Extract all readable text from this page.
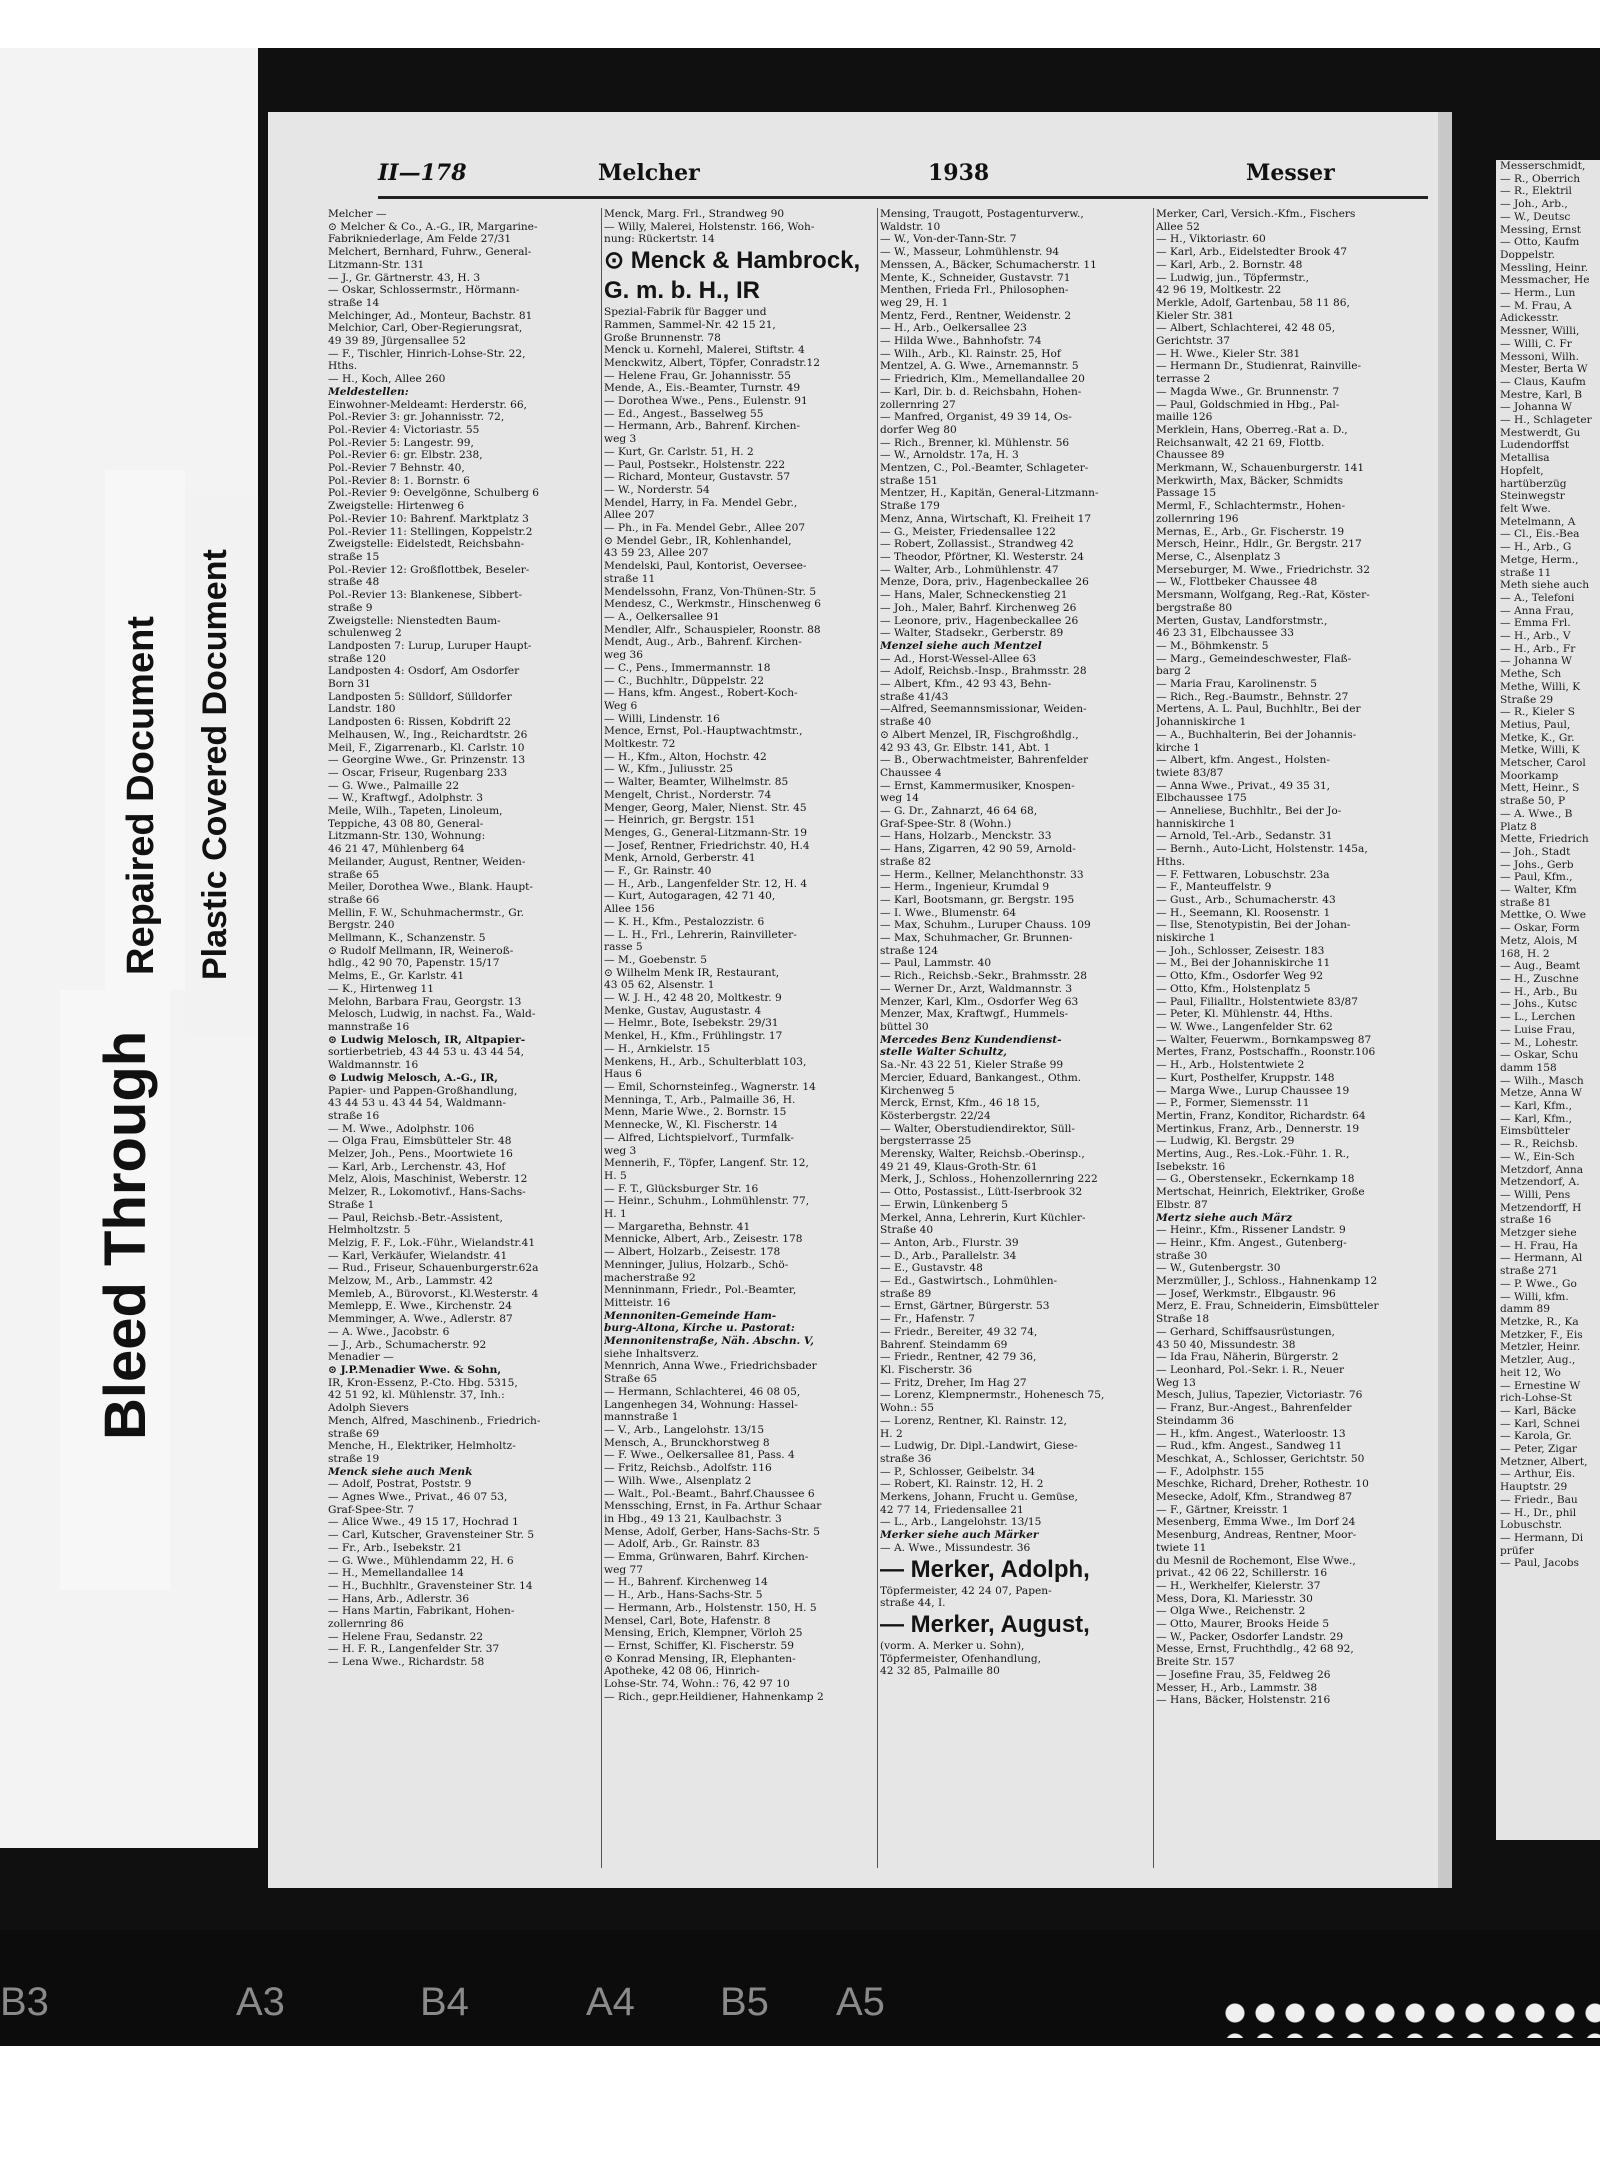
Repaired Document Plastic Covered Document
Bleed Through
II—178	Melcher	1938	Messer
Melcher —
⊙ Melcher & Co., A.-G., IR, Margarine-
Fabrikniederlage, Am Felde 27/31
Melchert, Bernhard, Fuhrw., General-
Litzmann-Str. 131
— J., Gr. Gärtnerstr. 43, H. 3
— Oskar, Schlossermstr., Hörmann-
straße 14
Melchinger, Ad., Monteur, Bachstr. 81
Melchior, Carl, Ober-Regierungsrat,
49 39 89, Jürgensallee 52
— F., Tischler, Hinrich-Lohse-Str. 22,
Hths.
— H., Koch, Allee 260
Meldestellen:
Einwohner-Meldeamt: Herderstr. 66,
Pol.-Revier 3: gr. Johannisstr. 72,
Pol.-Revier 4: Victoriastr. 55
Pol.-Revier 5: Langestr. 99,
Pol.-Revier 6: gr. Elbstr. 238,
Pol.-Revier 7 Behnstr. 40,
Pol.-Revier 8: 1. Bornstr. 6
Pol.-Revier 9: Oevelgönne, Schulberg 6
Zweigstelle: Hirtenweg 6
Pol.-Revier 10: Bahrenf. Marktplatz 3
Pol.-Revier 11: Stellingen, Koppelstr.2
Zweigstelle: Eidelstedt, Reichsbahn-
straße 15
Pol.-Revier 12: Großflottbek, Beseler-
straße 48
Pol.-Revier 13: Blankenese, Sibbert-
straße 9
Zweigstelle: Nienstedten Baum-
schulenweg 2
Landposten 7: Lurup, Luruper Haupt-
straße 120
Landposten 4: Osdorf, Am Osdorfer
Born 31
Landposten 5: Sülldorf, Sülldorfer
Landstr. 180
Landposten 6: Rissen, Kobdrift 22
Melhausen, W., Ing., Reichardtstr. 26
Meil, F., Zigarrenarb., Kl. Carlstr. 10
— Georgine Wwe., Gr. Prinzenstr. 13
— Oscar, Friseur, Rugenbarg 233
— G. Wwe., Palmaille 22
— W., Kraftwgf., Adolphstr. 3
Meile, Wilh., Tapeten, Linoleum,
Teppiche, 43 08 80, General-
Litzmann-Str. 130, Wohnung:
46 21 47, Mühlenberg 64
Meilander, August, Rentner, Weiden-
straße 65
Meiler, Dorothea Wwe., Blank. Haupt-
straße 66
Mellin, F. W., Schuhmachermstr., Gr.
Bergstr. 240
Mellmann, K., Schanzenstr. 5
⊙ Rudolf Mellmann, IR, Weineroß-
hdlg., 42 90 70, Papenstr. 15/17
Melms, E., Gr. Karlstr. 41
— K., Hirtenweg 11
Melohn, Barbara Frau, Georgstr. 13
Melosch, Ludwig, in nachst. Fa., Wald-
mannstraße 16
⊙ Ludwig Melosch, IR, Altpapier-
sortierbetrieb, 43 44 53 u. 43 44 54,
Waldmannstr. 16
⊙ Ludwig Melosch, A.-G., IR,
Papier- und Pappen-Großhandlung,
43 44 53 u. 43 44 54, Waldmann-
straße 16
— M. Wwe., Adolphstr. 106
— Olga Frau, Eimsbütteler Str. 48
Melzer, Joh., Pens., Moortwiete 16
— Karl, Arb., Lerchenstr. 43, Hof
Melz, Alois, Maschinist, Weberstr. 12
Melzer, R., Lokomotivf., Hans-Sachs-
Straße 1
— Paul, Reichsb.-Betr.-Assistent,
Helmholtzstr. 5
Melzig, F. F., Lok.-Führ., Wielandstr.41
— Karl, Verkäufer, Wielandstr. 41
— Rud., Friseur, Schauenburgerstr.62a
Melzow, M., Arb., Lammstr. 42
Memleb, A., Bürovorst., Kl.Westerstr. 4
Memlepp, E. Wwe., Kirchenstr. 24
Memminger, A. Wwe., Adlerstr. 87
— A. Wwe., Jacobstr. 6
— J., Arb., Schumacherstr. 92
Menadier —
⊙ J.P.Menadier Wwe. & Sohn,
IR, Kron-Essenz, P.-Cto. Hbg. 5315,
42 51 92, kl. Mühlenstr. 37, Inh.:
Adolph Sievers
Mench, Alfred, Maschinenb., Friedrich-
straße 69
Menche, H., Elektriker, Helmholtz-
straße 19
Menck siehe auch Menk
— Adolf, Postrat, Poststr. 9
— Agnes Wwe., Privat., 46 07 53,
Graf-Spee-Str. 7
— Alice Wwe., 49 15 17, Hochrad 1
— Carl, Kutscher, Gravensteiner Str. 5
— Fr., Arb., Isebekstr. 21
— G. Wwe., Mühlendamm 22, H. 6
— H., Memellandallee 14
— H., Buchhltr., Gravensteiner Str. 14
— Hans, Arb., Adlerstr. 36
— Hans Martin, Fabrikant, Hohen-
zollernring 86
— Helene Frau, Sedanstr. 22
— H. F. R., Langenfelder Str. 37
— Lena Wwe., Richardstr. 58
Menck, Marg. Frl., Strandweg 90
— Willy, Malerei, Holstenstr. 166, Woh-
nung: Rückertstr. 14
⊙ Menck & Hambrock,
G. m. b. H., IR
Spezial-Fabrik für Bagger und
Rammen, Sammel-Nr. 42 15 21,
Große Brunnenstr. 78
Menck u. Kornehl, Malerei, Stiftstr. 4
Menckwitz, Albert, Töpfer, Conradstr.12
— Helene Frau, Gr. Johannisstr. 55
Mende, A., Eis.-Beamter, Turnstr. 49
— Dorothea Wwe., Pens., Eulenstr. 91
— Ed., Angest., Basselweg 55
— Hermann, Arb., Bahrenf. Kirchen-
weg 3
— Kurt, Gr. Carlstr. 51, H. 2
— Paul, Postsekr., Holstenstr. 222
— Richard, Monteur, Gustavstr. 57
— W., Norderstr. 54
Mendel, Harry, in Fa. Mendel Gebr.,
Allee 207
— Ph., in Fa. Mendel Gebr., Allee 207
⊙ Mendel Gebr., IR, Kohlenhandel,
43 59 23, Allee 207
Mendelski, Paul, Kontorist, Oeverseе-
straße 11
Mendelssohn, Franz, Von-Thünen-Str. 5
Mendesz, C., Werkmstr., Hinschenweg 6
— A., Oelkersallee 91
Mendler, Alfr., Schauspieler, Roonstr. 88
Mendt, Aug., Arb., Bahrenf. Kirchen-
weg 36
— C., Pens., Immermannstr. 18
— C., Buchhltr., Düppelstr. 22
— Hans, kfm. Angest., Robert-Koch-
Weg 6
— Willi, Lindenstr. 16
Mence, Ernst, Pol.-Hauptwachtmstr.,
Moltkestr. 72
— H., Kfm., Alton, Hochstr. 42
— W., Kfm., Juliusstr. 25
— Walter, Beamter, Wilhelmstr. 85
Mengelt, Christ., Norderstr. 74
Menger, Georg, Maler, Nienst. Str. 45
— Heinrich, gr. Bergstr. 151
Menges, G., General-Litzmann-Str. 19
— Josef, Rentner, Friedrichstr. 40, H.4
Menk, Arnold, Gerberstr. 41
— F., Gr. Rainstr. 40
— H., Arb., Langenfelder Str. 12, H. 4
— Kurt, Autogaragen, 42 71 40,
Allee 156
— K. H., Kfm., Pestalozzistr. 6
— L. H., Frl., Lehrerin, Rainvilleter-
rasse 5
— M., Goebenstr. 5
⊙ Wilhelm Menk IR, Restaurant,
43 05 62, Alsenstr. 1
— W. J. H., 42 48 20, Moltkestr. 9
Menke, Gustav, Augustastr. 4
— Helmr., Bote, Isebekstr. 29/31
Menkel, H., Kfm., Frühlingstr. 17
— H., Arnkielstr. 15
Menkens, H., Arb., Schulterblatt 103,
Haus 6
— Emil, Schornsteinfeg., Wagnerstr. 14
Menninga, T., Arb., Palmaille 36, H.
Menn, Marie Wwe., 2. Bornstr. 15
Mennecke, W., Kl. Fischerstr. 14
— Alfred, Lichtspielvorf., Turmfalk-
weg 3
Mennerih, F., Töpfer, Langenf. Str. 12,
H. 5
— F. T., Glücksburger Str. 16
— Heinr., Schuhm., Lohmühlenstr. 77,
H. 1
— Margaretha, Behnstr. 41
Mennicke, Albert, Arb., Zeisestr. 178
— Albert, Holzarb., Zeisestr. 178
Menninger, Julius, Holzarb., Schö-
macherstraße 92
Menninmann, Friedr., Pol.-Beamter,
Mitteistr. 16
Mennoniten-Gemeinde Ham-
burg-Altona, Kirche u. Pastorat:
Mennonitenstraße, Näh. Abschn. V,
siehe Inhaltsverz.
Mennrich, Anna Wwe., Friedrichsbader
Straße 65
— Hermann, Schlachterei, 46 08 05,
Langenhegen 34, Wohnung: Hassel-
mannstraße 1
— V., Arb., Langelohstr. 13/15
Mensch, A., Brunckhorstweg 8
— F. Wwe., Oelkersallee 81, Pass. 4
— Fritz, Reichsb., Adolfstr. 116
— Wilh. Wwe., Alsenplatz 2
— Walt., Pol.-Beamt., Bahrf.Chaussee 6
Menssching, Ernst, in Fa. Arthur Schaar
in Hbg., 49 13 21, Kaulbachstr. 3
Mense, Adolf, Gerber, Hans-Sachs-Str. 5
— Adolf, Arb., Gr. Rainstr. 83
— Emma, Grünwaren, Bahrf. Kirchen-
weg 77
— H., Bahrenf. Kirchenweg 14
— H., Arb., Hans-Sachs-Str. 5
— Hermann, Arb., Holstenstr. 150, H. 5
Mensel, Carl, Bote, Hafenstr. 8
Mensing, Erich, Klempner, Vörloh 25
— Ernst, Schiffer, Kl. Fischerstr. 59
⊙ Konrad Mensing, IR, Elephanten-
Apotheke, 42 08 06, Hinrich-
Lohse-Str. 74, Wohn.: 76, 42 97 10
— Rich., gepr.Heildiener, Hahnenkamp 2
Mensing, Traugott, Postagenturverw.,
Waldstr. 10
— W., Von-der-Tann-Str. 7
— W., Masseur, Lohmühlenstr. 94
Menssen, A., Bäcker, Schumacherstr. 11
Mente, K., Schneider, Gustavstr. 71
Menthen, Frieda Frl., Philosophen-
weg 29, H. 1
Mentz, Ferd., Rentner, Weidenstr. 2
— H., Arb., Oelkersallee 23
— Hilda Wwe., Bahnhofstr. 74
— Wilh., Arb., Kl. Rainstr. 25, Hof
Mentzel, A. G. Wwe., Arnemannstr. 5
— Friedrich, Klm., Memellandallee 20
— Karl, Dir. b. d. Reichsbahn, Hohen-
zollernring 27
— Manfred, Organist, 49 39 14, Os-
dorfer Weg 80
— Rich., Brenner, kl. Mühlenstr. 56
— W., Arnoldstr. 17a, H. 3
Mentzen, C., Pol.-Beamter, Schlageter-
straße 151
Mentzer, H., Kapitän, General-Litzmann-
Straße 179
Menz, Anna, Wirtschaft, Kl. Freiheit 17
— G., Meister, Friedensallee 122
— Robert, Zollassist., Strandweg 42
— Theodor, Pförtner, Kl. Westerstr. 24
— Walter, Arb., Lohmühlenstr. 47
Menze, Dora, priv., Hagenbeckallee 26
— Hans, Maler, Schneckenstieg 21
— Joh., Maler, Bahrf. Kirchenweg 26
— Leonore, priv., Hagenbeckallee 26
— Walter, Stadsekr., Gerberstr. 89
Menzel siehe auch Mentzel
— Ad., Horst-Wessel-Allee 63
— Adolf, Reichsb.-Insp., Brahmsstr. 28
— Albert, Kfm., 42 93 43, Behn-
straße 41/43
—Alfred, Seemannsmissionar, Weiden-
straße 40
⊙ Albert Menzel, IR, Fischgroßhdlg.,
42 93 43, Gr. Elbstr. 141, Abt. 1
— B., Oberwachtmeister, Bahrenfelder
Chaussee 4
— Ernst, Kammermusiker, Knospen-
weg 14
— G. Dr., Zahnarzt, 46 64 68,
Graf-Spee-Str. 8 (Wohn.)
— Hans, Holzarb., Menckstr. 33
— Hans, Zigarren, 42 90 59, Arnold-
straße 82
— Herm., Kellner, Melanchthonstr. 33
— Herm., Ingenieur, Krumdal 9
— Karl, Bootsmann, gr. Bergstr. 195
— I. Wwe., Blumenstr. 64
— Max, Schuhm., Luruper Chauss. 109
— Max, Schuhmacher, Gr. Brunnen-
straße 124
— Paul, Lammstr. 40
— Rich., Reichsb.-Sekr., Brahmsstr. 28
— Werner Dr., Arzt, Waldmannstr. 3
Menzer, Karl, Klm., Osdorfer Weg 63
Menzer, Max, Kraftwgf., Hummels-
büttel 30
Mercedes Benz Kundendienst-
stelle Walter Schultz,
Sa.-Nr. 43 22 51, Kieler Straße 99
Mercier, Eduard, Bankangest., Othm.
Kirchenweg 5
Merck, Ernst, Kfm., 46 18 15,
Kösterbergstr. 22/24
— Walter, Oberstudiendirektor, Süll-
bergsterrasse 25
Merensky, Walter, Reichsb.-Oberinsp.,
49 21 49, Klaus-Groth-Str. 61
Merk, J., Schloss., Hohenzollernring 222
— Otto, Postassist., Lütt-Iserbrook 32
— Erwin, Lünkenberg 5
Merkel, Anna, Lehrerin, Kurt Küchler-
Straße 40
— Anton, Arb., Flurstr. 39
— D., Arb., Parallelstr. 34
— E., Gustavstr. 48
— Ed., Gastwirtsch., Lohmühlen-
straße 89
— Ernst, Gärtner, Bürgerstr. 53
— Fr., Hafenstr. 7
— Friedr., Bereiter, 49 32 74,
Bahrenf. Steindamm 69
— Friedr., Rentner, 42 79 36,
Kl. Fischerstr. 36
— Fritz, Dreher, Im Hag 27
— Lorenz, Klempnermstr., Hohenesch 75,
Wohn.: 55
— Lorenz, Rentner, Kl. Rainstr. 12,
H. 2
— Ludwig, Dr. Dipl.-Landwirt, Giese-
straße 36
— P., Schlosser, Geibelstr. 34
— Robert, Kl. Rainstr. 12, H. 2
Merkens, Johann, Frucht u. Gemüse,
42 77 14, Friedensallee 21
— L., Arb., Langelohstr. 13/15
Merker siehe auch Märker
— A. Wwe., Missundestr. 36
— Merker, Adolph,
Töpfermeister, 42 24 07, Papen-
straße 44, I.
— Merker, August,
(vorm. A. Merker u. Sohn),
Töpfermeister, Ofenhandlung,
42 32 85, Palmaille 80
Merker, Carl, Versich.-Kfm., Fischers
Allee 52
— H., Viktoriastr. 60
— Karl, Arb., Eidelstedter Brook 47
— Karl, Arb., 2. Bornstr. 48
— Ludwig, jun., Töpfermstr.,
42 96 19, Moltkestr. 22
Merkle, Adolf, Gartenbau, 58 11 86,
Kieler Str. 381
— Albert, Schlachterei, 42 48 05,
Gerichtstr. 37
— H. Wwe., Kieler Str. 381
— Hermann Dr., Studienrat, Rainville-
terrasse 2
— Magda Wwe., Gr. Brunnenstr. 7
— Paul, Goldschmied in Hbg., Pal-
maille 126
Merklein, Hans, Oberreg.-Rat a. D.,
Reichsanwalt, 42 21 69, Flottb.
Chaussee 89
Merkmann, W., Schauenburgerstr. 141
Merkwirth, Max, Bäcker, Schmidts
Passage 15
Merml, F., Schlachtermstr., Hohen-
zollernring 196
Mernas, E., Arb., Gr. Fischerstr. 19
Mersch, Heinr., Hdlr., Gr. Bergstr. 217
Merse, C., Alsenplatz 3
Merseburger, M. Wwe., Friedrichstr. 32
— W., Flottbeker Chaussee 48
Mersmann, Wolfgang, Reg.-Rat, Köster-
bergstraße 80
Merten, Gustav, Landforstmstr.,
46 23 31, Elbchaussee 33
— M., Böhmkenstr. 5
— Marg., Gemeindeschwester, Flaß-
barg 2
— Maria Frau, Karolinenstr. 5
— Rich., Reg.-Baumstr., Behnstr. 27
Mertens, A. L. Paul, Buchhltr., Bei der
Johanniskirche 1
— A., Buchhalterin, Bei der Johannis-
kirche 1
— Albert, kfm. Angest., Holsten-
twiete 83/87
— Anna Wwe., Privat., 49 35 31,
Elbchaussee 175
— Anneliese, Buchhltr., Bei der Jo-
hanniskirche 1
— Arnold, Tel.-Arb., Sedanstr. 31
— Bernh., Auto-Licht, Holstenstr. 145a,
Hths.
— F. Fettwaren, Lobuschstr. 23a
— F., Manteuffelstr. 9
— Gust., Arb., Schumacherstr. 43
— H., Seemann, Kl. Roosenstr. 1
— Ilse, Stenotypistin, Bei der Johan-
niskirche 1
— Joh., Schlosser, Zeisestr. 183
— M., Bei der Johanniskirche 11
— Otto, Kfm., Osdorfer Weg 92
— Otto, Kfm., Holstenplatz 5
— Paul, Filialltr., Holstentwiete 83/87
— Peter, Kl. Mühlenstr. 44, Hths.
— W. Wwe., Langenfelder Str. 62
— Walter, Feuerwm., Bornkampsweg 87
Mertes, Franz, Postschaffn., Roonstr.106
— H., Arb., Holstentwiete 2
— Kurt, Posthelfer, Kruppstr. 148
— Marga Wwe., Lurup Chaussee 19
— P., Former, Siemensstr. 11
Mertin, Franz, Konditor, Richardstr. 64
Mertinkus, Franz, Arb., Dennerstr. 19
— Ludwig, Kl. Bergstr. 29
Mertins, Aug., Res.-Lok.-Führ. 1. R.,
Isebekstr. 16
— G., Oberstensekr., Eckernkamp 18
Mertschat, Heinrich, Elektriker, Große
Elbstr. 87
Mertz siehe auch März
— Heinr., Kfm., Rissener Landstr. 9
— Heinr., Kfm. Angest., Gutenberg-
straße 30
— W., Gutenbergstr. 30
Merzmüller, J., Schloss., Hahnenkamp 12
— Josef, Werkmstr., Elbgaustr. 96
Merz, E. Frau, Schneiderin, Eimsbütteler
Straße 18
— Gerhard, Schiffsausrüstungen,
43 50 40, Missundestr. 38
— Ida Frau, Näherin, Bürgerstr. 2
— Leonhard, Pol.-Sekr. i. R., Neuer
Weg 13
Mesch, Julius, Tapezier, Victoriastr. 76
— Franz, Bur.-Angest., Bahrenfelder
Steindamm 36
— H., kfm. Angest., Waterloostr. 13
— Rud., kfm. Angest., Sandweg 11
Meschkat, A., Schlosser, Gerichtstr. 50
— F., Adolphstr. 155
Meschke, Richard, Dreher, Rothestr. 10
Mesecke, Adolf, Kfm., Strandweg 87
— F., Gärtner, Kreisstr. 1
Mesenberg, Emma Wwe., Im Dorf 24
Mesenburg, Andreas, Rentner, Moor-
twiete 11
du Mesnil de Rochemont, Else Wwe.,
privat., 42 06 22, Schillerstr. 16
— H., Werkhelfer, Kielerstr. 37
Mess, Dora, Kl. Mariesstr. 30
— Olga Wwe., Reichenstr. 2
— Otto, Maurer, Brooks Heide 5
— W., Packer, Osdorfer Landstr. 29
Messe, Ernst, Fruchthdlg., 42 68 92,
Breite Str. 157
— Josefine Frau, 35, Feldweg 26
Messer, H., Arb., Lammstr. 38
— Hans, Bäcker, Holstenstr. 216
Messerschmidt,
— R., Oberrich
— R., Elektril
— Joh., Arb.,
— W., Deutsc
Messing, Ernst
— Otto, Kaufm
Doppelstr.
Messling, Heinr.
Messmacher, He
— Herm., Lun
— M. Frau, A
Adickesstr.
Messner, Willi,
— Willi, C. Fr
Messoni, Wilh.
Mester, Berta W
— Claus, Kaufm
Mestre, Karl, B
— Johanna W
— H., Schlageter
Mestwerdt, Gu
Ludendorffst
Metallisa
Hopfelt,
hartüberzüg
Steinwegstr
felt Wwe.
Metelmann, A
— Cl., Eis.-Bea
— H., Arb., G
Metge, Herm.,
straße 11
Meth siehe auch
— A., Telefoni
— Anna Frau,
— Emma Frl.
— H., Arb., V
— H., Arb., Fr
— Johanna W
Methe, Sch
Methe, Willi, K
Straße 29
— R., Kieler S
Metius, Paul,
Metke, K., Gr.
Metke, Willi, K
Metscher, Carol
Moorkamp
Mett, Heinr., S
straße 50, P
— A. Wwe., B
Platz 8
Mette, Friedrich
— Joh., Stadt
— Johs., Gerb
— Paul, Kfm.,
— Walter, Kfm
straße 81
Mettke, O. Wwe
— Oskar, Form
Metz, Alois, M
168, H. 2
— Aug., Beamt
— H., Zuschne
— H., Arb., Bu
— Johs., Kutsc
— L., Lerchen
— Luise Frau,
— M., Lohestr.
— Oskar, Schu
damm 158
— Wilh., Masch
Metze, Anna W
— Karl, Kfm.,
— Karl, Kfm.,
Eimsbütteler
— R., Reichsb.
— W., Ein-Sch
Metzdorf, Anna
Metzendorf, A.
— Willi, Pens
Metzendorff, H
straße 16
Metzger siehe
— H. Frau, Ha
— Hermann, Al
straße 271
— P. Wwe., Go
— Willi, kfm.
damm 89
Metzke, R., Ka
Metzker, F., Eis
Metzler, Heinr.
Metzler, Aug.,
heit 12, Wo
— Ernestine W
rich-Lohse-St
— Karl, Bäcke
— Karl, Schnei
— Karola, Gr.
— Peter, Zigar
Metzner, Albert,
— Arthur, Eis.
Hauptstr. 29
— Friedr., Bau
— H., Dr., phil
Lobuschstr.
— Hermann, Di
prüfer
— Paul, Jacobs
B3	A3	B4	A4 B5 A5
